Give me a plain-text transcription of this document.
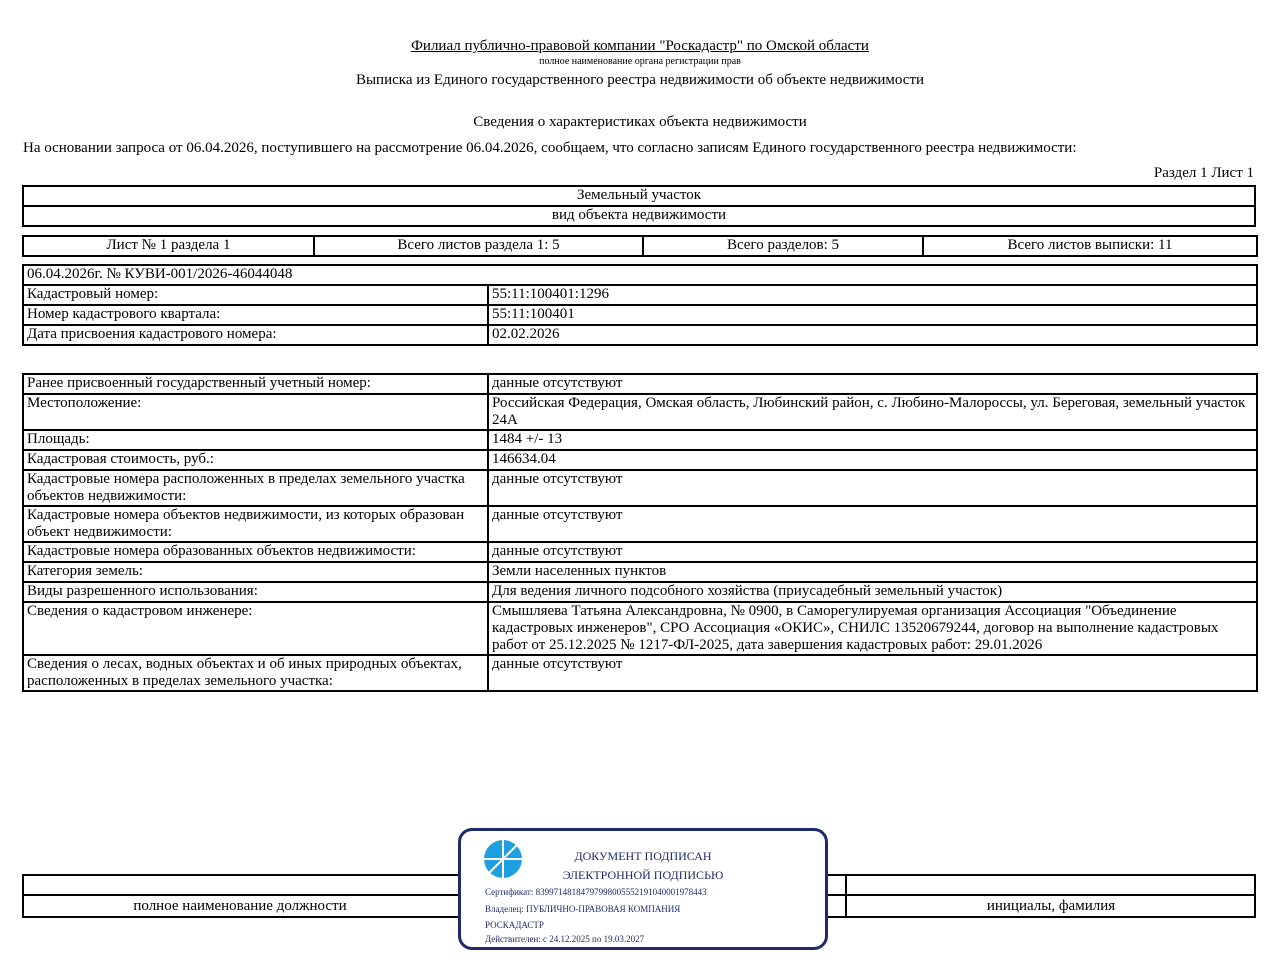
Филиал публично-правовой компании "Роскадастр" по Омской области
полное наименование органа регистрации прав
Выписка из Единого государственного реестра недвижимости об объекте недвижимости
Сведения о характеристиках объекта недвижимости
На основании запроса от 06.04.2026, поступившего на рассмотрение 06.04.2026, сообщаем, что согласно записям Единого государственного реестра недвижимости:
Раздел 1 Лист 1
Земельный участок
вид объекта недвижимости
Лист № 1 раздела 1	Всего листов раздела 1: 5	Всего разделов: 5	Всего листов выписки: 11
06.04.2026г. № КУВИ-001/2026-46044048	
Кадастровый номер:	55:11:100401:1296
Номер кадастрового квартала:	55:11:100401
Дата присвоения кадастрового номера:	02.02.2026
Ранее присвоенный государственный учетный номер:	данные отсутствуют
Местоположение:	Российская Федерация, Омская область, Любинский район, с. Любино-Малороссы, ул. Береговая, земельный участок 24А
Площадь:	1484 +/- 13
Кадастровая стоимость, руб.:	146634.04
Кадастровые номера расположенных в пределах земельного участка объектов недвижимости:	данные отсутствуют
Кадастровые номера объектов недвижимости, из которых образован объект недвижимости:	данные отсутствуют
Кадастровые номера образованных объектов недвижимости:	данные отсутствуют
Категория земель:	Земли населенных пунктов
Виды разрешенного использования:	Для ведения личного подсобного хозяйства (приусадебный земельный участок)
Сведения о кадастровом инженере:	Смышляева Татьяна Александровна, № 0900, в Саморегулируемая организация Ассоциация "Объединение кадастровых инженеров", СРО Ассоциация «ОКИС», СНИЛС 13520679244, договор на выполнение кадастровых работ от 25.12.2025 № 1217-ФЛ-2025, дата завершения кадастровых работ: 29.01.2026
Сведения о лесах, водных объектах и об иных природных объектах, расположенных в пределах земельного участка:	данные отсутствуют
полное наименование должности	инициалы, фамилия
ДОКУМЕНТ ПОДПИСАН
ЭЛЕКТРОННОЙ ПОДПИСЬЮ
Сертификат: 839971481847979980055521910400019784​43
Владелец: ПУБЛИЧНО-ПРАВОВАЯ КОМПАНИЯ
РОСКАДАСТР
Действителен: с 24.12.2025 по 19.03.2027
